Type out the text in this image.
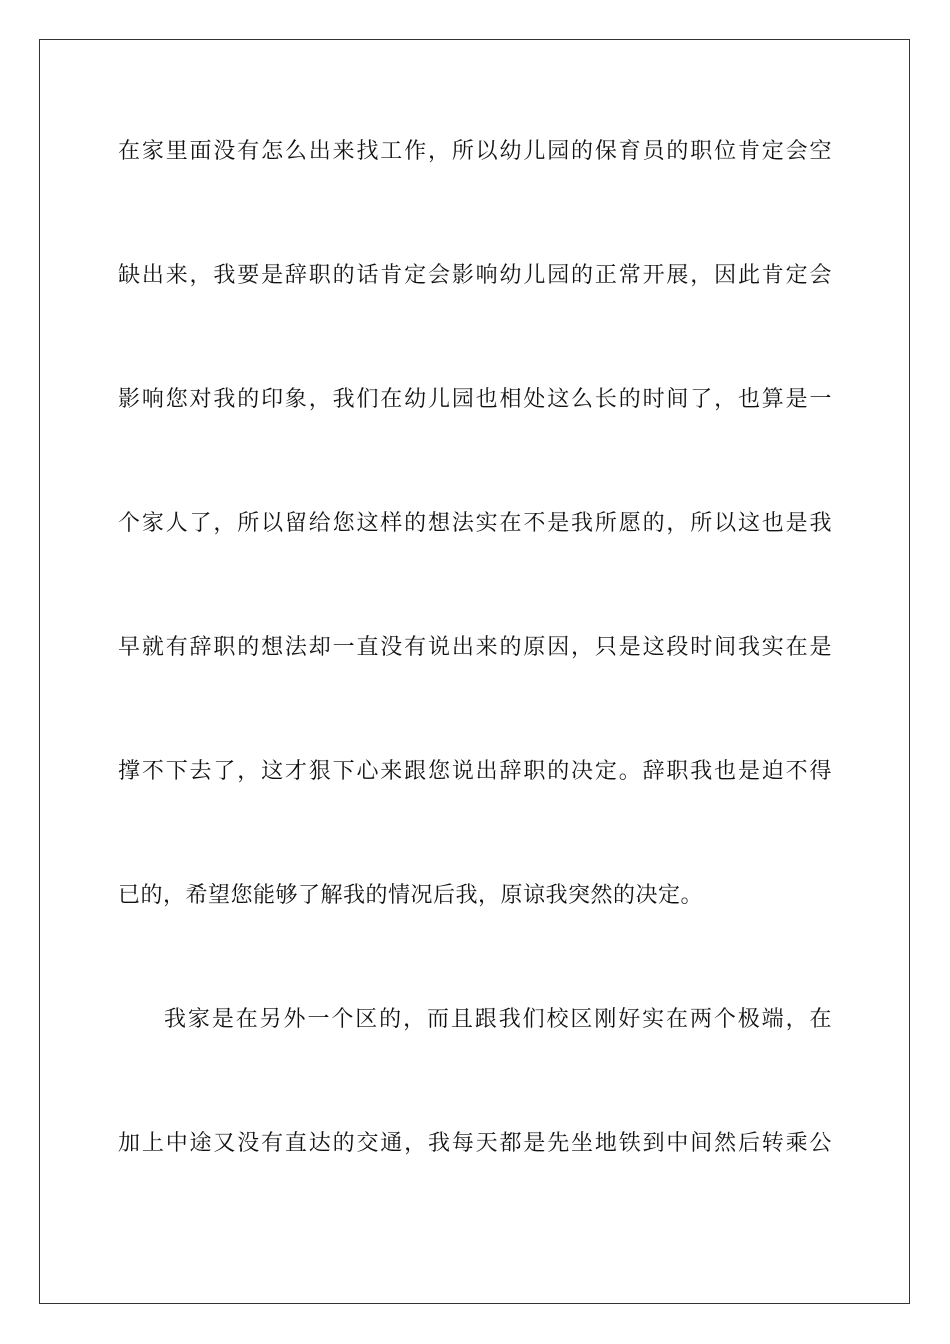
在家里面没有怎么出来找工作，所以幼儿园的保育员的职位肯定会空
缺出来，我要是辞职的话肯定会影响幼儿园的正常开展，因此肯定会
影响您对我的印象，我们在幼儿园也相处这么长的时间了，也算是一
个家人了，所以留给您这样的想法实在不是我所愿的，所以这也是我
早就有辞职的想法却一直没有说出来的原因，只是这段时间我实在是
撑不下去了，这才狠下心来跟您说出辞职的决定。辞职我也是迫不得
已的，希望您能够了解我的情况后我，原谅我突然的决定。
我家是在另外一个区的，而且跟我们校区刚好实在两个极端，在
加上中途又没有直达的交通，我每天都是先坐地铁到中间然后转乘公
